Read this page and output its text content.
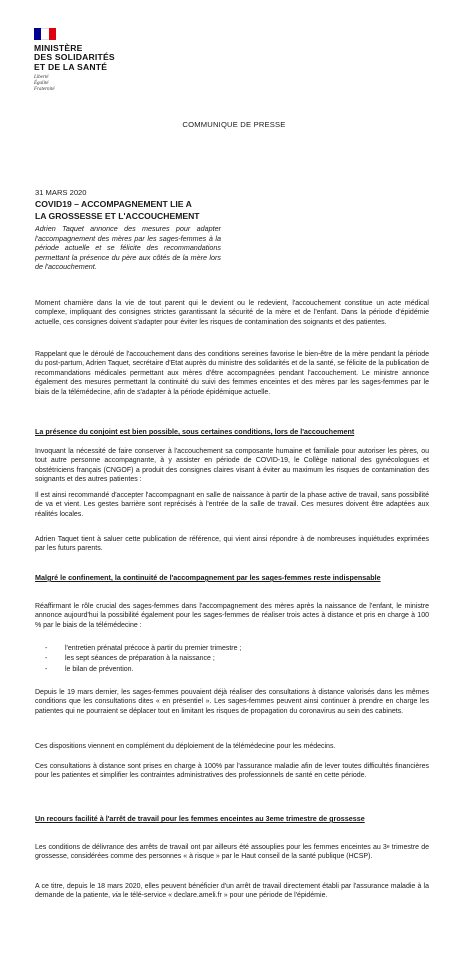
MINISTÈRE
DES SOLIDARITÉS
ET DE LA SANTÉ
Liberté
Égalité
Fraternité
COMMUNIQUE DE PRESSE
31 MARS 2020
COVID19 – ACCOMPAGNEMENT LIE A
LA GROSSESSE ET L'ACCOUCHEMENT
Adrien Taquet annonce des mesures pour adapter l'accompagnement des mères par les sages-femmes à la période actuelle et se félicite des recommandations permettant la présence du père aux côtés de la mère lors de l'accouchement.
Moment charnière dans la vie de tout parent qui le devient ou le redevient, l'accouchement constitue un acte médical complexe, impliquant des consignes strictes garantissant la sécurité de la mère et de l'enfant. Dans la période d'épidémie actuelle, ces consignes doivent s'adapter pour éviter les risques de contamination des soignants et des patientes.
Rappelant que le déroulé de l'accouchement dans des conditions sereines favorise le bien-être de la mère pendant la période du post-partum, Adrien Taquet, secrétaire d'Etat auprès du ministre des solidarités et de la santé, se félicite de la publication de recommandations médicales permettant aux mères d'être accompagnées pendant l'accouchement. Le ministre annonce également des mesures permettant la continuité du suivi des femmes enceintes et des mères par les sages-femmes par le biais de la télémédecine, afin de s'adapter à la période épidémique actuelle.
La présence du conjoint est bien possible, sous certaines conditions, lors de l'accouchement
Invoquant la nécessité de faire conserver à l'accouchement sa composante humaine et familiale pour autoriser les pères, ou tout autre personne accompagnante, à y assister en période de COVID-19, le Collège national des gynécologues et obstétriciens français (CNGOF) a produit des consignes claires visant à éviter au maximum les risques de contamination des soignants et des autres patientes :
Il est ainsi recommandé d'accepter l'accompagnant en salle de naissance à partir de la phase active de travail, sans possibilité de va et vient. Les gestes barrière sont reprécisés à l'entrée de la salle de travail. Ces mesures doivent être adaptées aux réalités locales.
Adrien Taquet tient à saluer cette publication de référence, qui vient ainsi répondre à de nombreuses inquiétudes exprimées par les futurs parents.
Malgré le confinement, la continuité de l'accompagnement par les sages-femmes reste indispensable
Réaffirmant le rôle crucial des sages-femmes dans l'accompagnement des mères après la naissance de l'enfant, le ministre annonce aujourd'hui la possibilité également pour les sages-femmes de réaliser trois actes à distance et pris en charge à 100 % par le biais de la télémédecine :
- l'entretien prénatal précoce à partir du premier trimestre ;
- les sept séances de préparation à la naissance ;
- le bilan de prévention.
Depuis le 19 mars dernier, les sages-femmes pouvaient déjà réaliser des consultations à distance valorisés dans les mêmes conditions que les consultations dites « en présentiel ». Les sages-femmes peuvent ainsi continuer à prendre en charge les patientes qui ne pourraient se déplacer tout en limitant les risques de propagation du coronavirus au sein des cabinets.
Ces dispositions viennent en complément du déploiement de la télémédecine pour les médecins.
Ces consultations à distance sont prises en charge à 100% par l'assurance maladie afin de lever toutes difficultés financières pour les patientes et simplifier les contraintes administratives des professionnels de santé en cette période.
Un recours facilité à l'arrêt de travail pour les femmes enceintes au 3eme trimestre de grossesse
Les conditions de délivrance des arrêts de travail ont par ailleurs été assouplies pour les femmes enceintes au 3e trimestre de grossesse, considérées comme des personnes « à risque » par le Haut conseil de la santé publique (HCSP).
A ce titre, depuis le 18 mars 2020, elles peuvent bénéficier d'un arrêt de travail directement établi par l'assurance maladie à la demande de la patiente, via le télé-service « declare.ameli.fr » pour une période de l'épidémie.
